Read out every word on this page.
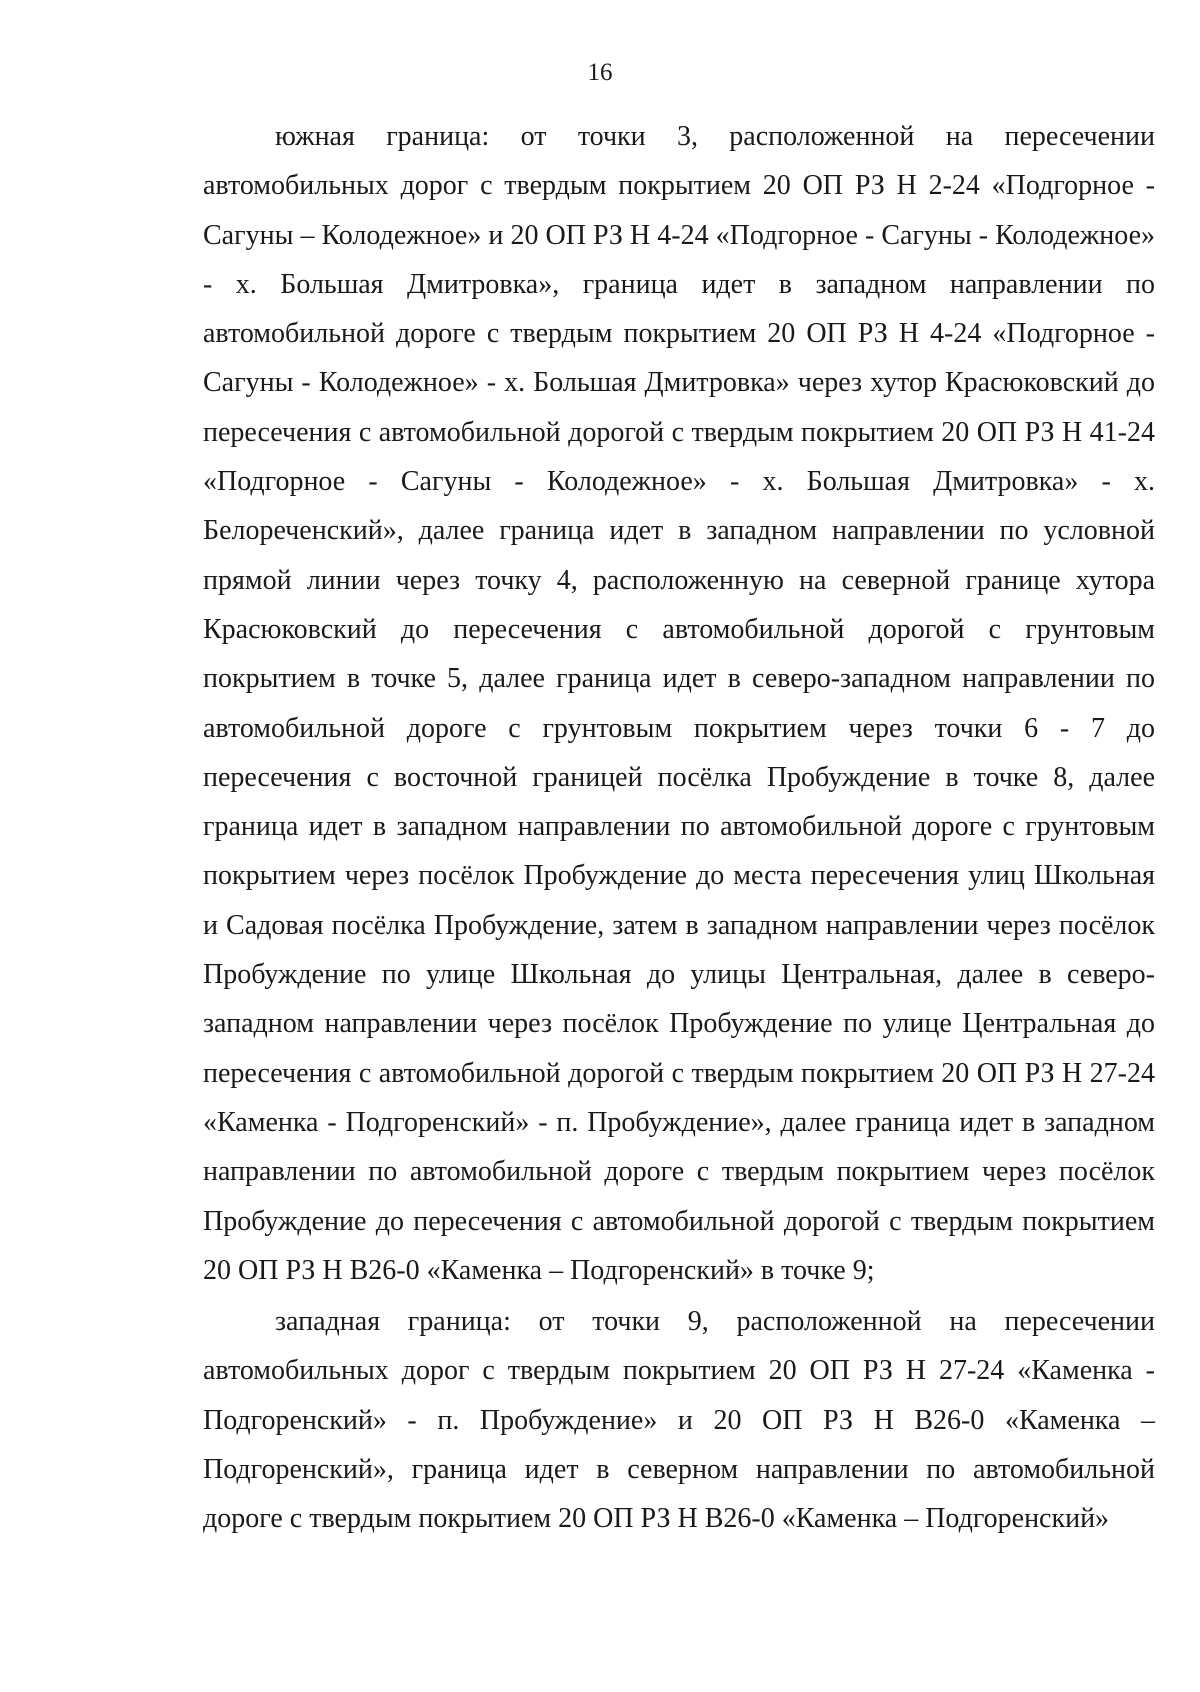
16

южная граница: от точки 3, расположенной на пересечении автомобильных дорог с твердым покрытием 20 ОП РЗ Н 2-24 «Подгорное - Сагуны – Колодежное» и 20 ОП РЗ Н 4-24 «Подгорное - Сагуны - Колодежное» - х. Большая Дмитровка», граница идет в западном направлении по автомобильной дороге с твердым покрытием 20 ОП РЗ Н 4-24 «Подгорное - Сагуны - Колодежное» - х. Большая Дмитровка» через хутор Красюковский до пересечения с автомобильной дорогой с твердым покрытием 20 ОП РЗ Н 41-24 «Подгорное - Сагуны - Колодежное» - х. Большая Дмитровка» - х. Белореченский», далее граница идет в западном направлении по условной прямой линии через точку 4, расположенную на северной границе хутора Красюковский до пересечения с автомобильной дорогой с грунтовым покрытием в точке 5, далее граница идет в северо-западном направлении по автомобильной дороге с грунтовым покрытием через точки 6 - 7 до пересечения с восточной границей посёлка Пробуждение в точке 8, далее граница идет в западном направлении по автомобильной дороге с грунтовым покрытием через посёлок Пробуждение до места пересечения улиц Школьная и Садовая посёлка Пробуждение, затем в западном направлении через посёлок Пробуждение по улице Школьная до улицы Центральная, далее в северо-западном направлении через посёлок Пробуждение по улице Центральная до пересечения с автомобильной дорогой с твердым покрытием 20 ОП РЗ Н 27-24 «Каменка - Подгоренский» - п. Пробуждение», далее граница идет в западном направлении по автомобильной дороге с твердым покрытием через посёлок Пробуждение до пересечения с автомобильной дорогой с твердым покрытием 20 ОП РЗ Н В26-0 «Каменка – Подгоренский» в точке 9;

западная граница: от точки 9, расположенной на пересечении автомобильных дорог с твердым покрытием 20 ОП РЗ Н 27-24 «Каменка - Подгоренский» - п. Пробуждение» и 20 ОП РЗ Н В26-0 «Каменка – Подгоренский», граница идет в северном направлении по автомобильной дороге с твердым покрытием 20 ОП РЗ Н В26-0 «Каменка – Подгоренский»
